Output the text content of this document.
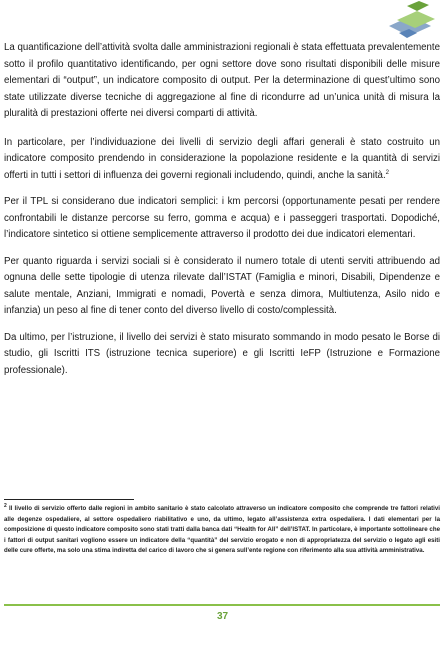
La quantificazione dell’attività svolta dalle amministrazioni regionali è stata effettuata prevalentemente sotto il profilo quantitativo identificando, per ogni settore dove sono risultati disponibili delle misure elementari di “output”, un indicatore composito di output. Per la determinazione di quest’ultimo sono state utilizzate diverse tecniche di aggregazione al fine di ricondurre ad un’unica unità di misura la pluralità di prestazioni offerte nei diversi comparti di attività.

In particolare, per l’individuazione dei livelli di servizio degli affari generali è stato costruito un indicatore composito prendendo in considerazione la popolazione residente e la quantità di servizi offerti in tutti i settori di influenza dei governi regionali includendo, quindi, anche la sanità.$^2$

Per il TPL si considerano due indicatori semplici: i km percorsi (opportunamente pesati per rendere confrontabili le distanze percorse su ferro, gomma e acqua) e i passeggeri trasportati. Dopodiché, l’indicatore sintetico si ottiene semplicemente attraverso il prodotto dei due indicatori elementari.

Per quanto riguarda i servizi sociali si è considerato il numero totale di utenti serviti attribuendo ad ognuna delle sette tipologie di utenza rilevate dall’ISTAT (Famiglia e minori, Disabili, Dipendenze e salute mentale, Anziani, Immigrati e nomadi, Povertà e senza dimora, Multiutenza, Asilo nido e infanzia) un peso al fine di tener conto del diverso livello di costo/complessità.

Da ultimo, per l’istruzione, il livello dei servizi è stato misurato sommando in modo pesato le Borse di studio, gli Iscritti ITS (istruzione tecnica superiore) e gli Iscritti IeFP (Istruzione e Formazione professionale).

$^2$ Il livello di servizio offerto dalle regioni in ambito sanitario è stato calcolato attraverso un indicatore composito che comprende tre fattori relativi alle degenze ospedaliere, al settore ospedaliero riabilitativo e uno, da ultimo, legato all’assistenza extra ospedaliera. I dati elementari per la composizione di questo indicatore composito sono stati tratti dalla banca dati “Health for All” dell’ISTAT. In particolare, è importante sottolineare che i fattori di output sanitari vogliono essere un indicatore della “quantità” del servizio erogato e non di appropriatezza del servizio o legato agli esiti delle cure offerte, ma solo una stima indiretta del carico di lavoro che si genera sull’ente regione con riferimento alla sua attività amministrativa.

37
